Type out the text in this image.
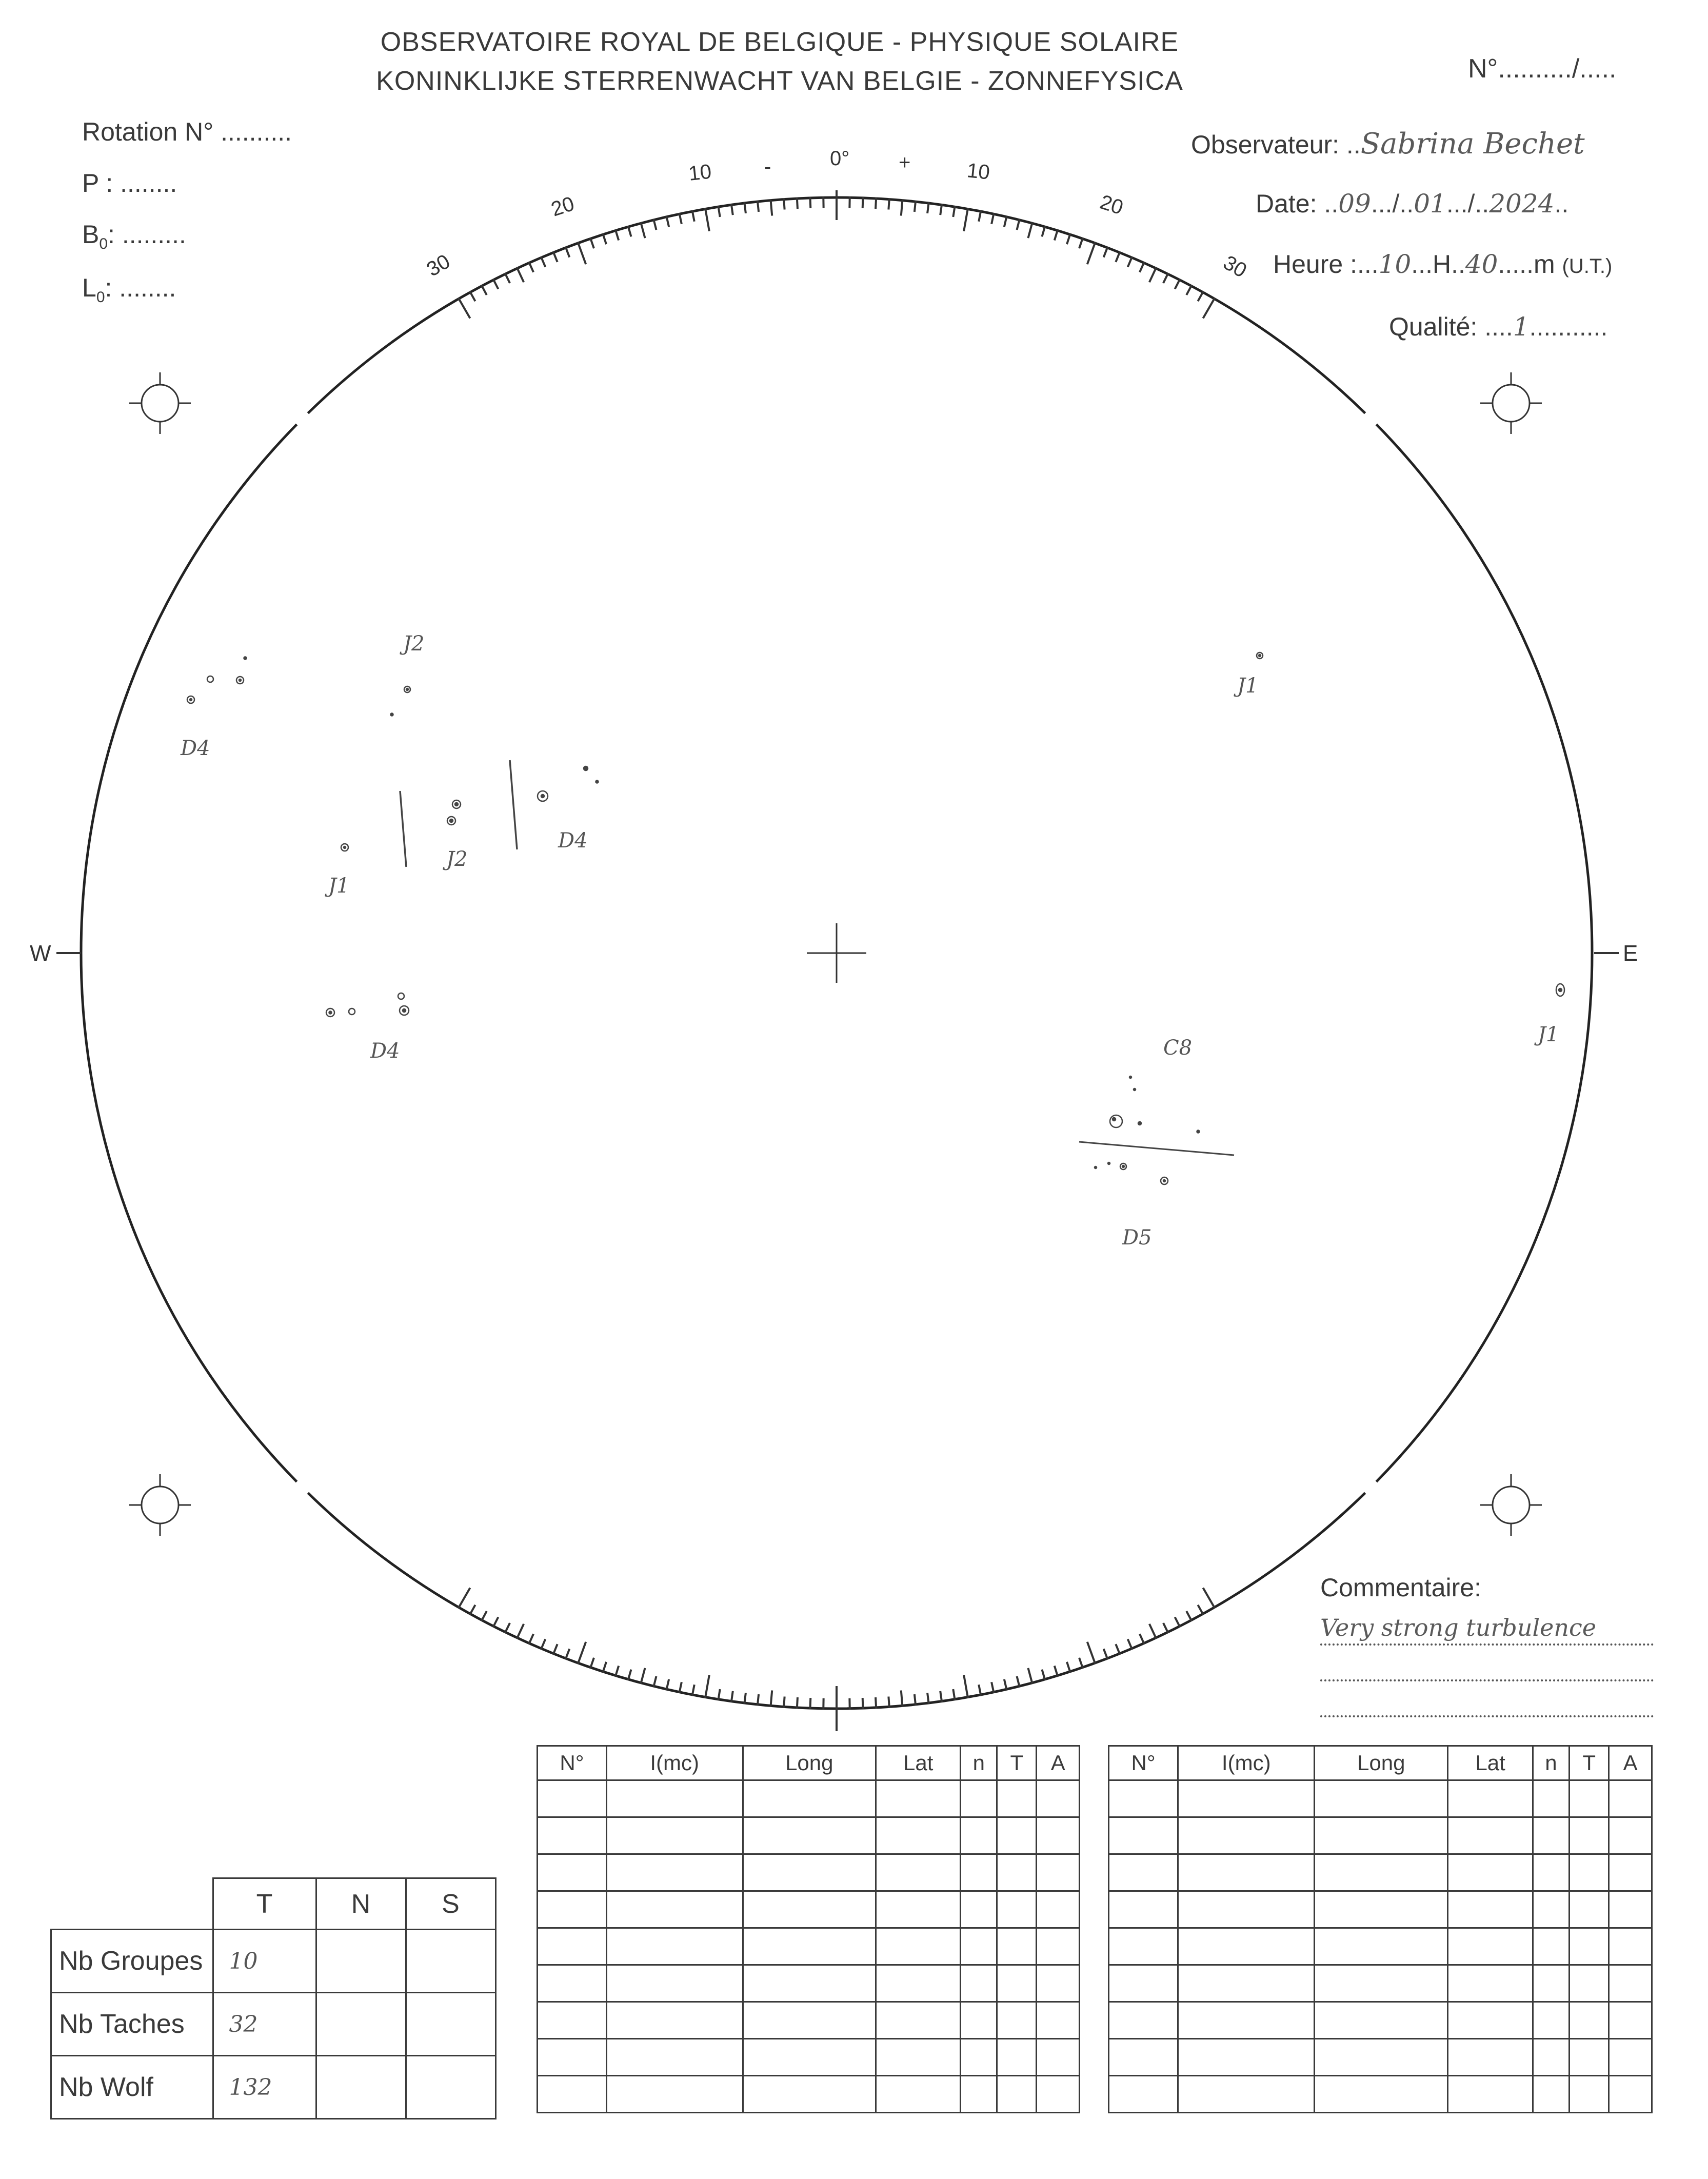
OBSERVATOIRE ROYAL DE BELGIQUE - PHYSIQUE SOLAIRE
KONINKLIJKE STERRENWACHT VAN BELGIE - ZONNEFYSICA	N°........../.....
Rotation N° ..........
P : ........
$B_0$: .........
$L_0$: ........
Observateur: ..Sabrina Bechet
Date: ..09.../..01.../..2024..
Heure :...10...H..40.....m (U.T.)
Qualité: ....1...........
W	E
0°
-	+
10
20
30
10
20
30
J2
D4
J1
J2
D4
D4
J1
J1
C8
D5
Commentaire:
Very strong turbulence
N°	I(mc)	Long	Lat	n	T	A

							N°	I(mc)	Long	Lat	n	T	A

	T	N	S
Nb Groupes	10		
Nb Taches	32		
Nb Wolf	132		
